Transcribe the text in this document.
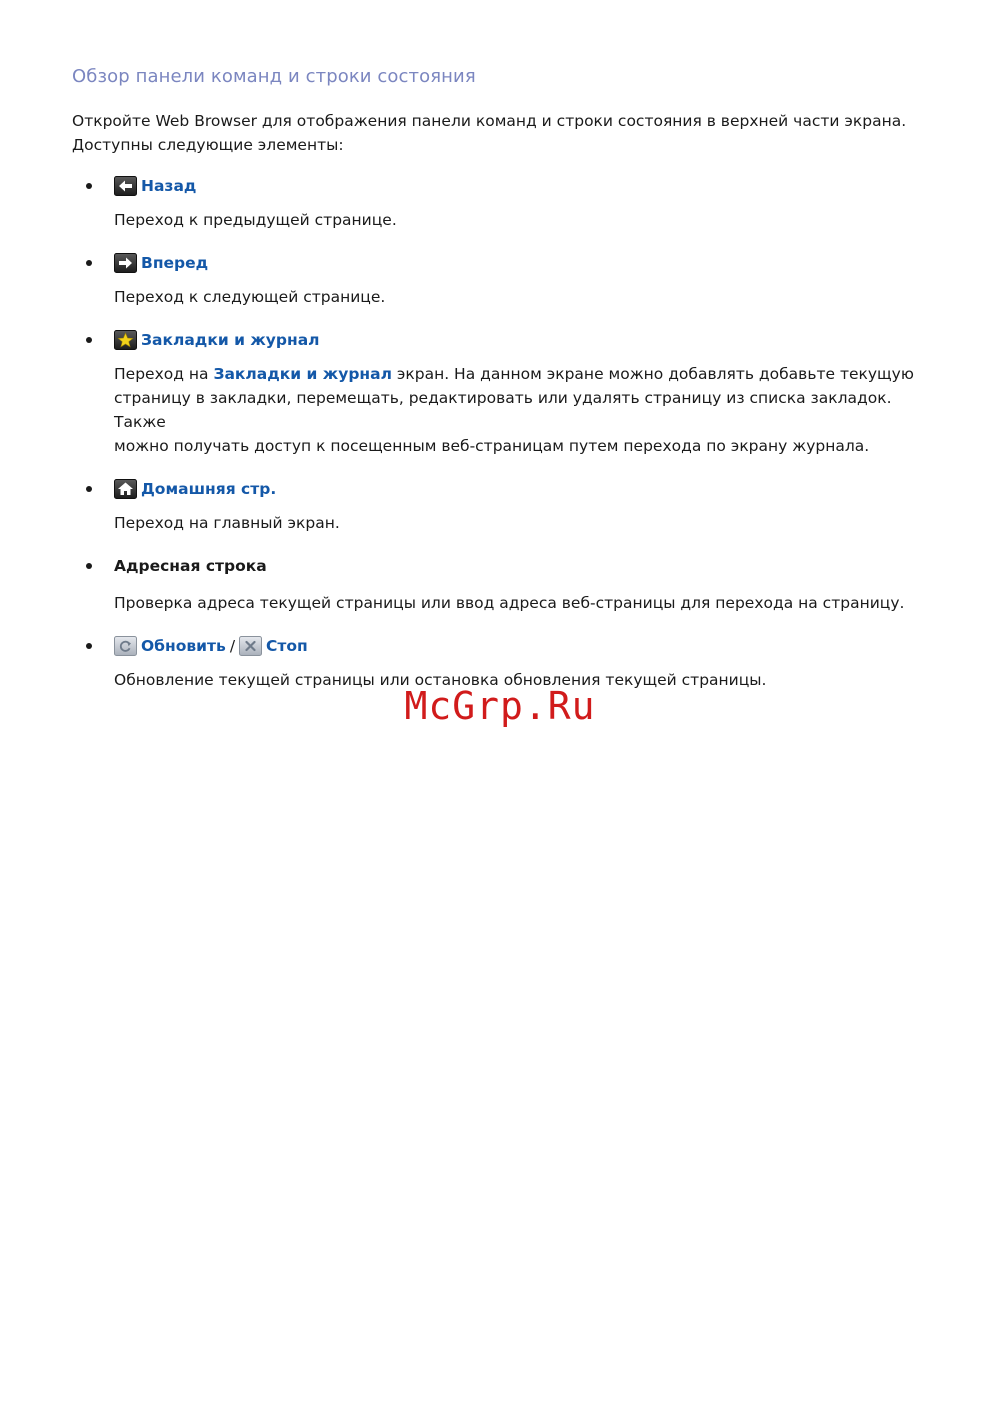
Обзор панели команд и строки состояния
Откройте Web Browser для отображения панели команд и строки состояния в верхней части экрана.
Доступны следующие элементы:
Назад
Переход к предыдущей странице.
Вперед
Переход к следующей странице.
Закладки и журнал
Переход на Закладки и журнал экран. На данном экране можно добавлять добавьте текущую
страницу в закладки, перемещать, редактировать или удалять страницу из списка закладок. Также
можно получать доступ к посещенным веб-страницам путем перехода по экрану журнала.
Домашняя стр.
Переход на главный экран.
Адресная строка
Проверка адреса текущей страницы или ввод адреса веб-страницы для перехода на страницу.
Обновить / Стоп
Обновление текущей страницы или остановка обновления текущей страницы.
McGrp.Ru
